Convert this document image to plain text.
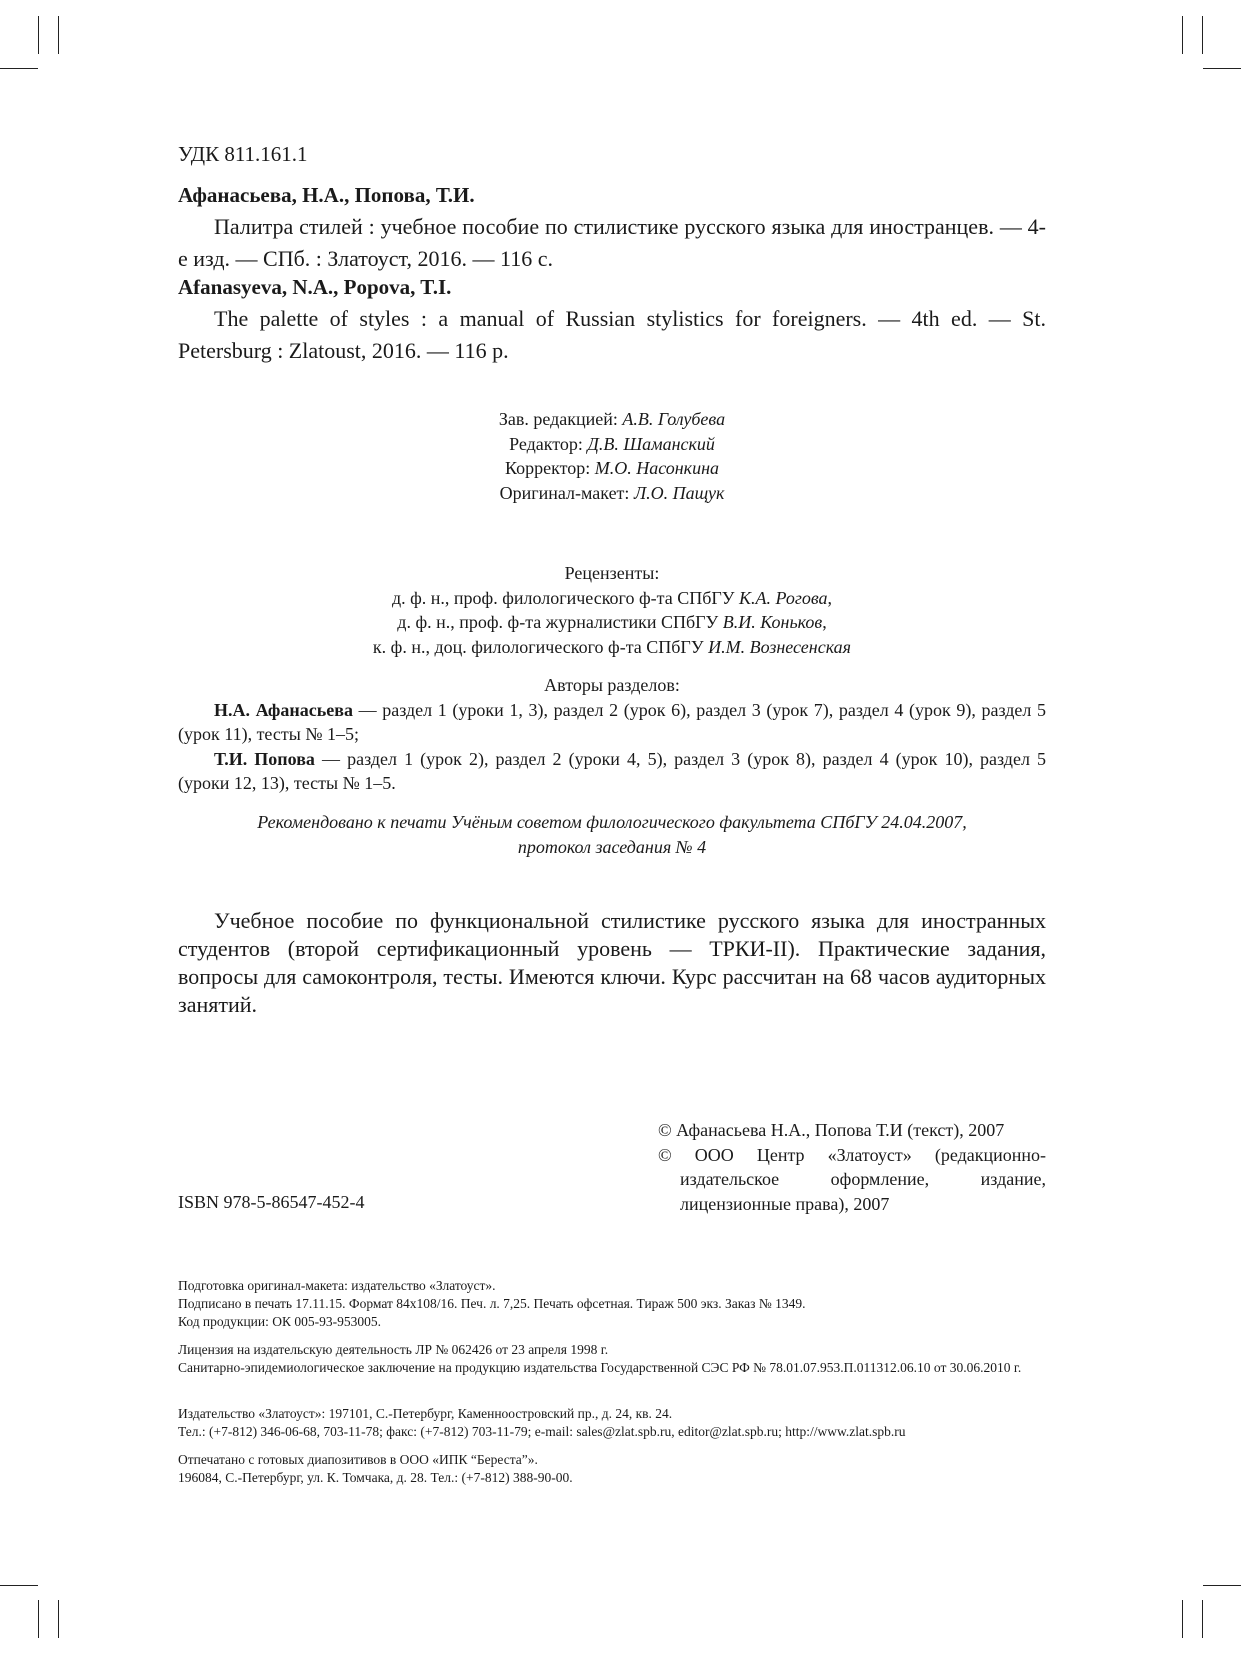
УДК 811.161.1

Афанасьева, Н.А., Попова, Т.И.

Палитра стилей : учебное пособие по стилистике русского языка для иностранцев. — 4-е изд. — СПб. : Златоуст, 2016. — 116 с.

Afanasyeva, N.A., Popova, T.I.

The palette of styles : a manual of Russian stylistics for foreigners. — 4th ed. — St. Petersburg : Zlatoust, 2016. — 116 p.

Зав. редакцией: А.В. Голубева

Редактор: Д.В. Шаманский

Корректор: М.О. Насонкина

Оригинал-макет: Л.О. Пащук

Рецензенты:

д. ф. н., проф. филологического ф-та СПбГУ К.А. Рогова,

д. ф. н., проф. ф-та журналистики СПбГУ В.И. Коньков,

к. ф. н., доц. филологического ф-та СПбГУ И.М. Вознесенская

Авторы разделов:

Н.А. Афанасьева — раздел 1 (уроки 1, 3), раздел 2 (урок 6), раздел 3 (урок 7), раздел 4 (урок 9), раздел 5 (урок 11), тесты № 1–5;

Т.И. Попова — раздел 1 (урок 2), раздел 2 (уроки 4, 5), раздел 3 (урок 8), раздел 4 (урок 10), раздел 5 (уроки 12, 13), тесты № 1–5.

Рекомендовано к печати Учёным советом филологического факультета СПбГУ 24.04.2007,

протокол заседания № 4

Учебное пособие по функциональной стилистике русского языка для иностранных студентов (второй сертификационный уровень — ТРКИ-II). Практические задания, вопросы для самоконтроля, тесты. Имеются ключи. Курс рассчитан на 68 часов аудиторных занятий.

© Афанасьева Н.А., Попова Т.И (текст), 2007

© ООО Центр «Златоуст» (редакционно-издательское оформление, издание, лицензионные права), 2007

ISBN 978-5-86547-452-4

Подготовка оригинал-макета: издательство «Златоуст».

Подписано в печать 17.11.15. Формат 84x108/16. Печ. л. 7,25. Печать офсетная. Тираж 500 экз. Заказ № 1349.

Код продукции: ОК 005-93-953005.

Лицензия на издательскую деятельность ЛР № 062426 от 23 апреля 1998 г.

Санитарно-эпидемиологическое заключение на продукцию издательства Государственной СЭС РФ № 78.01.07.953.П.011312.06.10 от 30.06.2010 г.

Издательство «Златоуст»: 197101, С.-Петербург, Каменноостровский пр., д. 24, кв. 24.

Тел.: (+7-812) 346-06-68, 703-11-78; факс: (+7-812) 703-11-79; e-mail: sales@zlat.spb.ru, editor@zlat.spb.ru; http://www.zlat.spb.ru

Отпечатано с готовых диапозитивов в ООО «ИПК “Береста”».

196084, С.-Петербург, ул. К. Томчака, д. 28. Тел.: (+7-812) 388-90-00.
